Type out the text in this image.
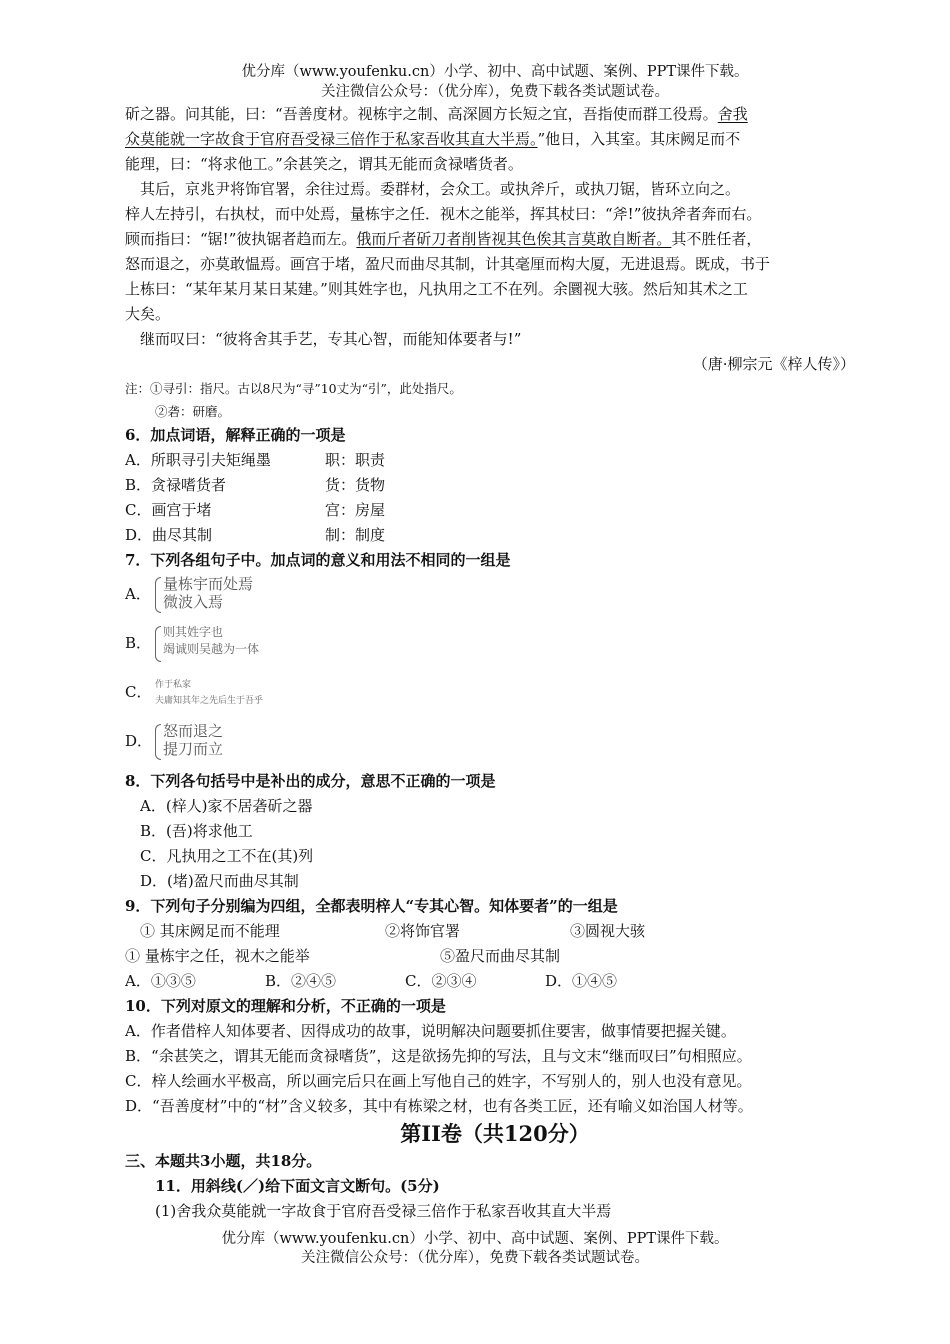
优分库（www.youfenku.cn）小学、初中、高中试题、案例、PPT课件下载。
关注微信公众号：（优分库），免费下载各类试题试卷。
斫之器。问其能，曰：“吾善度材。视栋宇之制、高深圆方长短之宜，吾指使而群工役焉。舍我
众莫能就一字故食于官府吾受禄三倍作于私家吾收其直大半焉。”他日，入其室。其床阙足而不
能理，曰：“将求他工。”余甚笑之，谓其无能而贪禄嗜货者。
其后，京兆尹将饰官署，余往过焉。委群材，会众工。或执斧斤，或执刀锯，皆环立向之。
梓人左持引，右执杖，而中处焉，量栋宇之任．视木之能举，挥其杖曰：“斧!”彼执斧者奔而右。
顾而指曰：“锯!”彼执锯者趋而左。俄而斤者斫刀者削皆视其色俟其言莫敢自断者。其不胜任者，
怒而退之，亦莫敢愠焉。画宫于堵，盈尺而曲尽其制，计其毫厘而构大厦，无进退焉。既成，书于
上栋曰：“某年某月某日某建。”则其姓字也，凡执用之工不在列。余圜视大骇。然后知其术之工
大矣。
继而叹曰：“彼将舍其手艺，专其心智，而能知体要者与!”
（唐·柳宗元《梓人传》）
注：①寻引：指尺。古以8尺为“寻”10丈为“引”，此处指尺。
②砻：研磨。
6．加点词语，解释正确的一项是
A．所职寻引夫矩绳墨	职：职责
B．贪禄嗜货者	货：货物
C．画宫于堵	宫：房屋
D．曲尽其制	制：制度
7．下列各组句子中。加点词的意义和用法不相同的一组是
A．
量栋宇而处焉
微波入焉
B．
则其姓字也
竭诚则吴越为一体
C． 作于私家
夫庸知其年之先后生于吾乎
D．
怒而退之
提刀而立
8．下列各句括号中是补出的成分，意思不正确的一项是
A．(梓人)家不居砻斫之器
B．(吾)将求他工
C．凡执用之工不在(其)列
D．(堵)盈尺而曲尽其制
9．下列句子分别编为四组，全都表明梓人“专其心智。知体要者”的一组是
① 其床阙足而不能理	②将饰官署	③圆视大骇
① 量栋宇之任，视木之能举	⑤盈尺而曲尽其制
A．①③⑤	B．②④⑤	C．②③④	D．①④⑤
10．下列对原文的理解和分析，不正确的一项是
A．作者借梓人知体要者、因得成功的故事，说明解决问题要抓住要害，做事情要把握关键。
B．“余甚笑之，谓其无能而贪禄嗜货”，这是欲扬先抑的写法，且与文末“继而叹曰”句相照应。
C．梓人绘画水平极高，所以画完后只在画上写他自己的姓字，不写别人的，别人也没有意见。
D．“吾善度材”中的“材”含义较多，其中有栋梁之材，也有各类工匠，还有喻义如治国人材等。
第II卷（共120分）
三、本题共3小题，共18分。
11．用斜线(／)给下面文言文断句。(5分)
(1)舍我众莫能就一字故食于官府吾受禄三倍作于私家吾收其直大半焉
优分库（www.youfenku.cn）小学、初中、高中试题、案例、PPT课件下载。
关注微信公众号：（优分库），免费下载各类试题试卷。
